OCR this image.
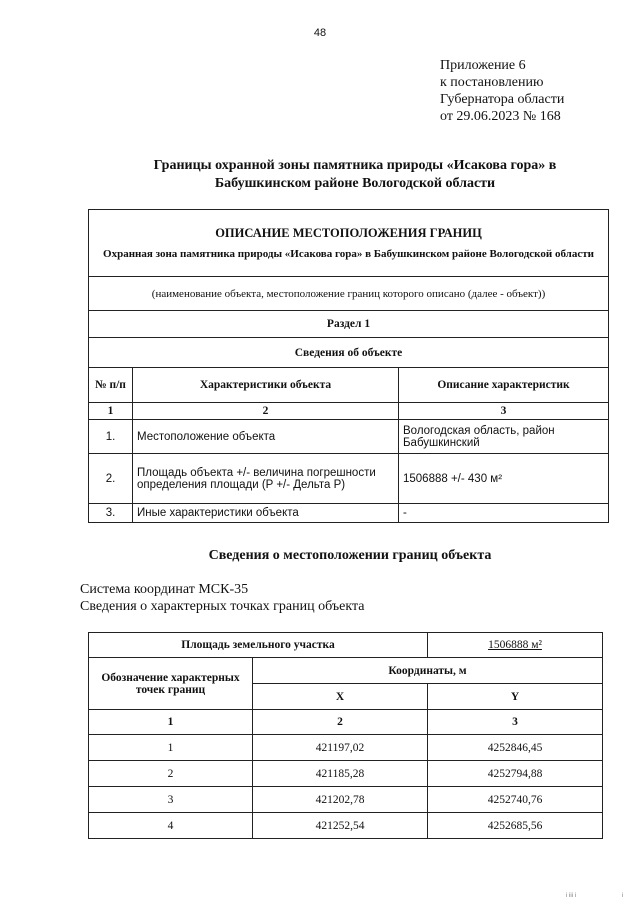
48
Приложение 6
к постановлению
Губернатора области
от 29.06.2023 № 168
Границы охранной зоны памятника природы «Исакова гора» в
Бабушкинском районе Вологодской области
ОПИСАНИЕ МЕСТОПОЛОЖЕНИЯ ГРАНИЦ
Охранная зона памятника природы «Исакова гора» в Бабушкинском районе Вологодской области		

(наименование объекта, местоположение границ которого описано (далее - объект))		
Раздел 1		
Сведения об объекте		
№ п/п	Характеристики объекта	Описание характеристик
1	2	3
1.	Местоположение объекта	Вологодская область, район Бабушкинский
2.	Площадь объекта +/- величина погрешности определения площади (P +/- Дельта P)	1506888 +/- 430 м²
3.	Иные характеристики объекта	-
Сведения о местоположении границ объекта
Система координат МСК-35
Сведения о характерных точках границ объекта
Площадь земельного участка		1506888 м²
Обозначение характерных точек границ	Координаты, м	
	X	Y
1	2	3
1	421197,02	4252846,45
2	421185,28	4252794,88
3	421202,78	4252740,76
4	421252,54	4252685,56
i iii i	i
